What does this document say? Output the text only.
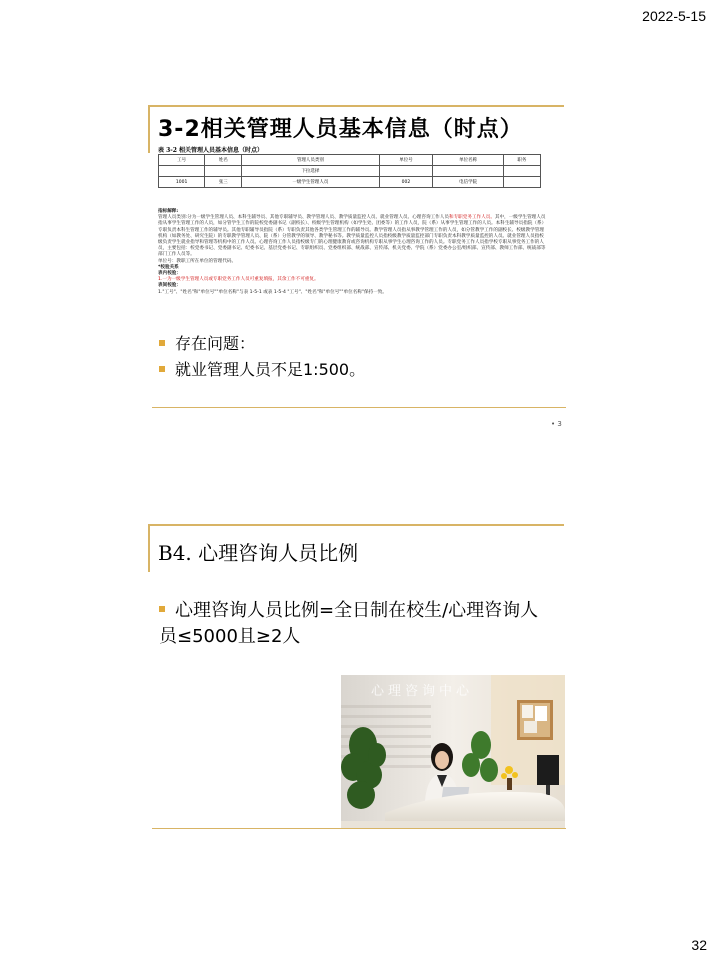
2022-5-15
32
3-2相关管理人员基本信息（时点）
表 3-2 相关管理人员基本信息（时点）
工号	姓名	管理人员类别	单位号	单位名称	职务
		下拉选择			
1001	张三	一级学生管理人员	002	电信学院	
指标解释:
管理人员类别:分为一级学生管理人员、本科生辅导员、其他专职辅导员、教学管理人员、教学质量监控人员、就业管理人员、心理咨询工作人员和专职党务工作人员。其中，一级学生管理人员指从事学生管理工作的人员，如分管学生工作的院校党委副书记（副校长）、校级学生管理机构（如学生处、团委等）的工作人员，院（系）从事学生管理工作的人员。本科生辅导员指院（系）专职负责本科生管理工作的辅导员。其他专职辅导员指院（系）专职负责其他各类学生管理工作的辅导员。教学管理人员指从事教学管理工作的人员，如分管教学工作的副校长、校级教学管理机构（如教务处、研究生院）的专职教学管理人员、院（系）分管教学的领导、教学秘书等。教学质量监控人员指校级教学质量监控部门专职负责本科教学质量监控的人员。就业管理人员指校级负责学生就业指导和管理等机构中的工作人员。心理咨询工作人员指校级专门的心理健康教育或咨询机构专职从事学生心理咨询工作的人员。专职党务工作人员指学校专职从事党务工作的人员，主要包括：校党委书记、党委副书记、纪委书记、基层党委书记、专职组织员、党委组织部、统战部、宣传部、机关党委、学院（系）党委办公室/组织部、宣传部、教师工作部、统战部等部门工作人员等。
单位号：教职工所在单位的管理代码。
*校验关系
表内校验：
1.一为一级学生管理人员或专职党务工作人员可重复填报，其余工作不可重复。
表间校验：
1."工号"、"姓名"和"单位号""单位名称"与表 1-5-1 或表 1-5-4 "工号"、"姓名"和"单位号""单位名称"保持一致。
存在问题：
就业管理人员不足1:500。
• 3
B4. 心理咨询人员比例
心理咨询人员比例=全日制在校生/心理咨询人员≤5000且≥2人
心理咨询中心
